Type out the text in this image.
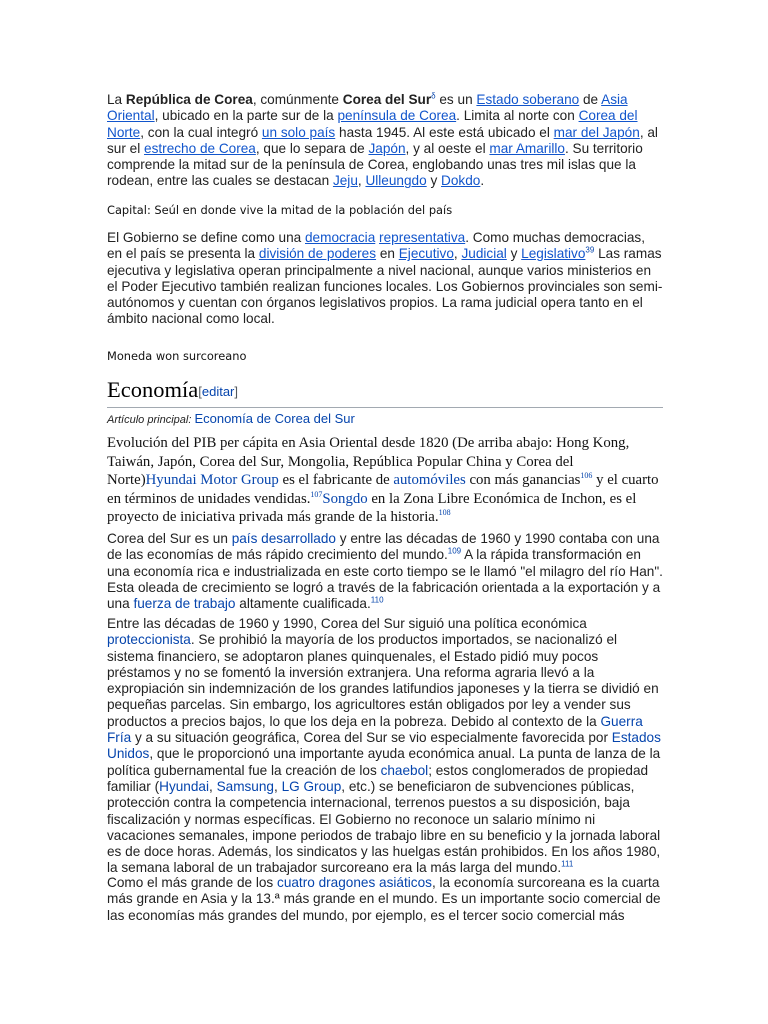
La República de Corea, comúnmente Corea del Sur$^\delta$ es un Estado soberano de Asia Oriental, ubicado en la parte sur de la península de Corea. Limita al norte con Corea del Norte, con la cual integró un solo país hasta 1945. Al este está ubicado el mar del Japón, al sur el estrecho de Corea, que lo separa de Japón, y al oeste el mar Amarillo. Su territorio comprende la mitad sur de la península de Corea, englobando unas tres mil islas que la rodean, entre las cuales se destacan Jeju, Ulleungdo y Dokdo.

Capital: Seúl en donde vive la mitad de la población del país

El Gobierno se define como una democracia representativa. Como muchas democracias, en el país se presenta la división de poderes en Ejecutivo, Judicial y Legislativo$^{39}$ Las ramas ejecutiva y legislativa operan principalmente a nivel nacional, aunque varios ministerios en el Poder Ejecutivo también realizan funciones locales. Los Gobiernos provinciales son semi-autónomos y cuentan con órganos legislativos propios. La rama judicial opera tanto en el ámbito nacional como local.

Moneda won surcoreano

Economía[editar]

Artículo principal: Economía de Corea del Sur

Evolución del PIB per cápita en Asia Oriental desde 1820 (De arriba abajo: Hong Kong, Taiwán, Japón, Corea del Sur, Mongolia, República Popular China y Corea del Norte)Hyundai Motor Group es el fabricante de automóviles con más ganancias$^{106}$ y el cuarto en términos de unidades vendidas.$^{107}$Songdo en la Zona Libre Económica de Inchon, es el proyecto de iniciativa privada más grande de la historia.$^{108}$

Corea del Sur es un país desarrollado y entre las décadas de 1960 y 1990 contaba con una de las economías de más rápido crecimiento del mundo.$^{109}$ A la rápida transformación en una economía rica e industrializada en este corto tiempo se le llamó "el milagro del río Han". Esta oleada de crecimiento se logró a través de la fabricación orientada a la exportación y a una fuerza de trabajo altamente cualificada.$^{110}$

Entre las décadas de 1960 y 1990, Corea del Sur siguió una política económica proteccionista. Se prohibió la mayoría de los productos importados, se nacionalizó el sistema financiero, se adoptaron planes quinquenales, el Estado pidió muy pocos préstamos y no se fomentó la inversión extranjera. Una reforma agraria llevó a la expropiación sin indemnización de los grandes latifundios japoneses y la tierra se dividió en pequeñas parcelas. Sin embargo, los agricultores están obligados por ley a vender sus productos a precios bajos, lo que los deja en la pobreza. Debido al contexto de la Guerra Fría y a su situación geográfica, Corea del Sur se vio especialmente favorecida por Estados Unidos, que le proporcionó una importante ayuda económica anual. La punta de lanza de la política gubernamental fue la creación de los chaebol; estos conglomerados de propiedad familiar (Hyundai, Samsung, LG Group, etc.) se beneficiaron de subvenciones públicas, protección contra la competencia internacional, terrenos puestos a su disposición, baja fiscalización y normas específicas. El Gobierno no reconoce un salario mínimo ni vacaciones semanales, impone periodos de trabajo libre en su beneficio y la jornada laboral es de doce horas. Además, los sindicatos y las huelgas están prohibidos. En los años 1980, la semana laboral de un trabajador surcoreano era la más larga del mundo.$^{111}$

Como el más grande de los cuatro dragones asiáticos, la economía surcoreana es la cuarta más grande en Asia y la 13.ª más grande en el mundo. Es un importante socio comercial de las economías más grandes del mundo, por ejemplo, es el tercer socio comercial más
